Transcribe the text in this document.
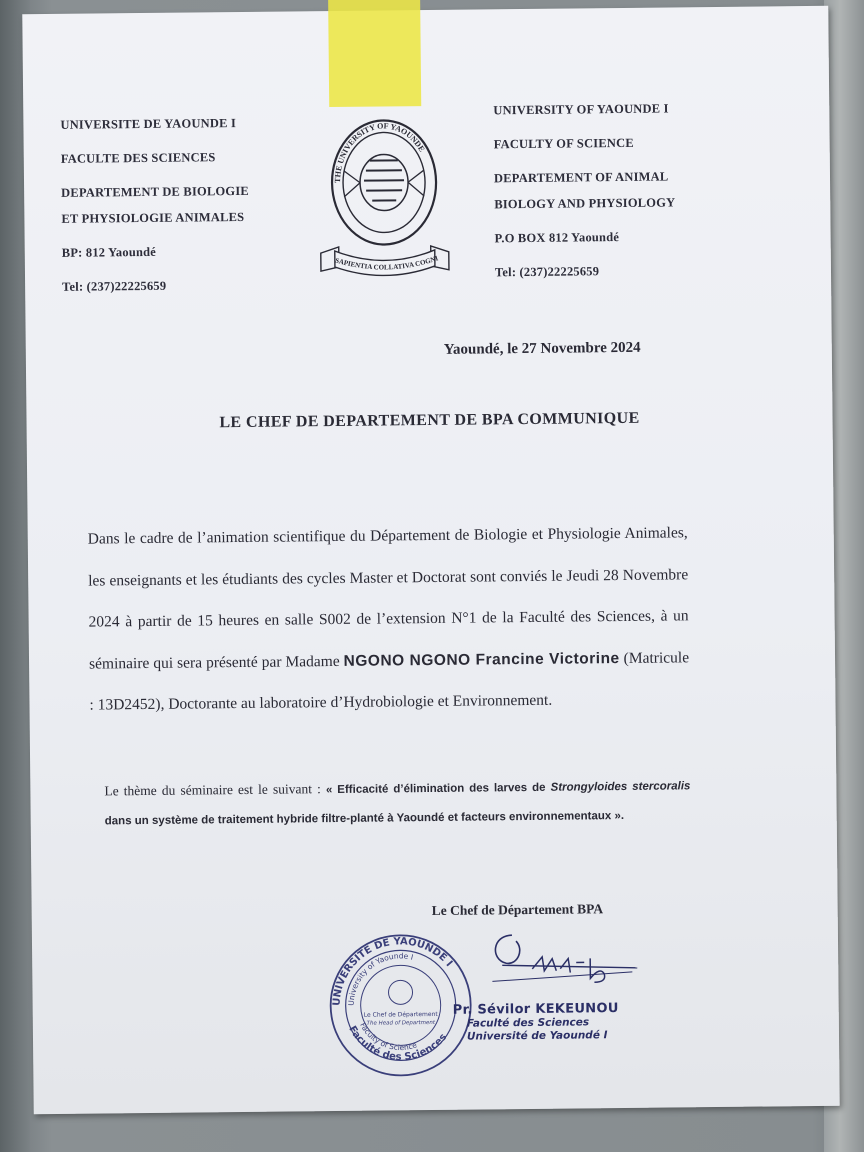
UNIVERSITE DE YAOUNDE I
FACULTE DES SCIENCES
DEPARTEMENT DE BIOLOGIE
ET PHYSIOLOGIE ANIMALES
BP: 812 Yaoundé
Tel: (237)22225659
THE UNIVERSITY OF YAOUNDE
SAPIENTIA COLLATIVA COGNITIO	UNIVERSITY OF YAOUNDE I
FACULTY OF SCIENCE
DEPARTEMENT OF ANIMAL
BIOLOGY AND PHYSIOLOGY
P.O BOX 812 Yaoundé
Tel: (237)22225659
Yaoundé, le 27 Novembre 2024
LE CHEF DE DEPARTEMENT DE BPA COMMUNIQUE
Dans le cadre de l’animation scientifique du Département de Biologie et Physiologie Animales, les enseignants et les étudiants des cycles Master et Doctorat sont conviés le Jeudi 28 Novembre 2024 à partir de 15 heures en salle S002 de l’extension N°1 de la Faculté des Sciences, à un séminaire qui sera présenté par Madame NGONO NGONO Francine Victorine (Matricule : 13D2452), Doctorante au laboratoire d’Hydrobiologie et Environnement.
Le thème du séminaire est le suivant : « Efficacité d’élimination des larves de Strongyloides stercoralis dans un système de traitement hybride filtre-planté à Yaoundé et facteurs environnementaux ».
Le Chef de Département BPA
UNIVERSITE DE YAOUNDE I
Faculté des Sciences
University of Yaounde I
Faculty of Science
Le Chef de Département
The Head of Department
Pr. Sévilor KEKEUNOU
Faculté des Sciences
Université de Yaoundé I
